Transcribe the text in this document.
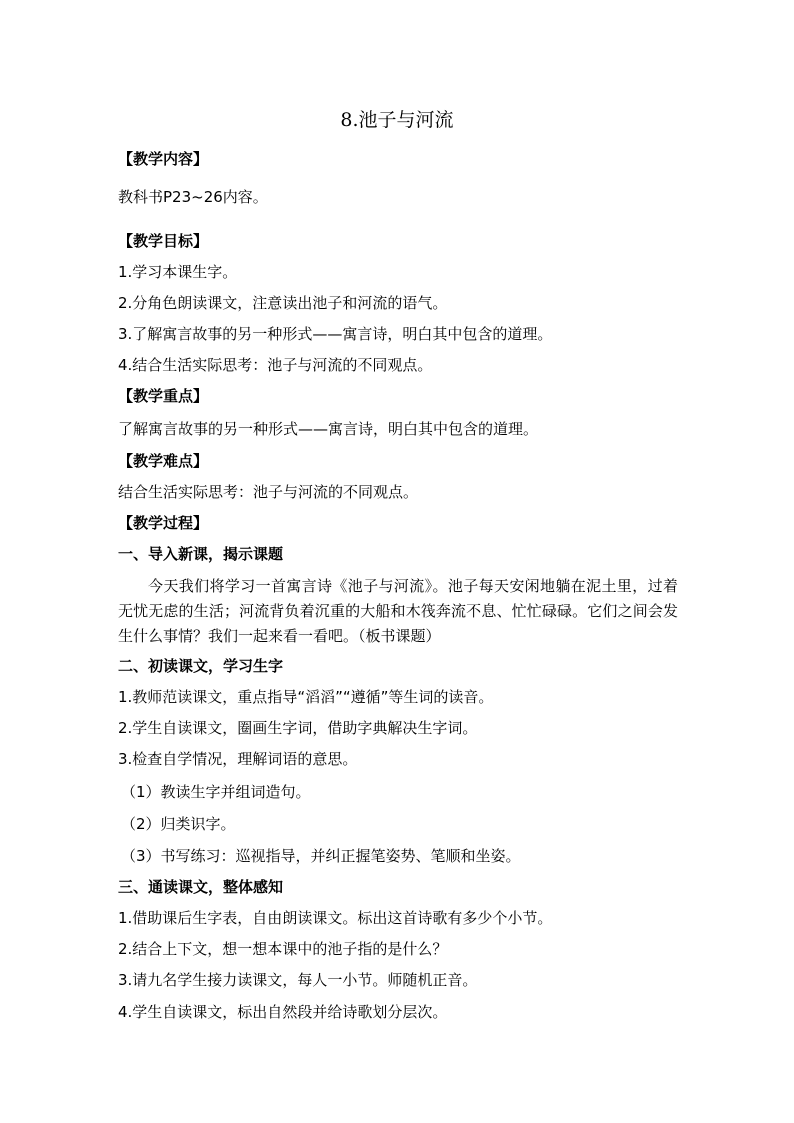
8.池子与河流
【教学内容】
教科书P23~26内容。
【教学目标】
1.学习本课生字。
2.分角色朗读课文，注意读出池子和河流的语气。
3.了解寓言故事的另一种形式——寓言诗，明白其中包含的道理。
4.结合生活实际思考：池子与河流的不同观点。
【教学重点】
了解寓言故事的另一种形式——寓言诗，明白其中包含的道理。
【教学难点】
结合生活实际思考：池子与河流的不同观点。
【教学过程】
一、导入新课，揭示课题
今天我们将学习一首寓言诗《池子与河流》。池子每天安闲地躺在泥土里，过着无忧无虑的生活；河流背负着沉重的大船和木筏奔流不息、忙忙碌碌。它们之间会发生什么事情？我们一起来看一看吧。（板书课题）
二、初读课文，学习生字
1.教师范读课文，重点指导“滔滔”“遵循”等生词的读音。
2.学生自读课文，圈画生字词，借助字典解决生字词。
3.检查自学情况，理解词语的意思。
（1）教读生字并组词造句。
（2）归类识字。
（3）书写练习：巡视指导，并纠正握笔姿势、笔顺和坐姿。
三、通读课文，整体感知
1.借助课后生字表，自由朗读课文。标出这首诗歌有多少个小节。
2.结合上下文，想一想本课中的池子指的是什么？
3.请九名学生接力读课文，每人一小节。师随机正音。
4.学生自读课文，标出自然段并给诗歌划分层次。
